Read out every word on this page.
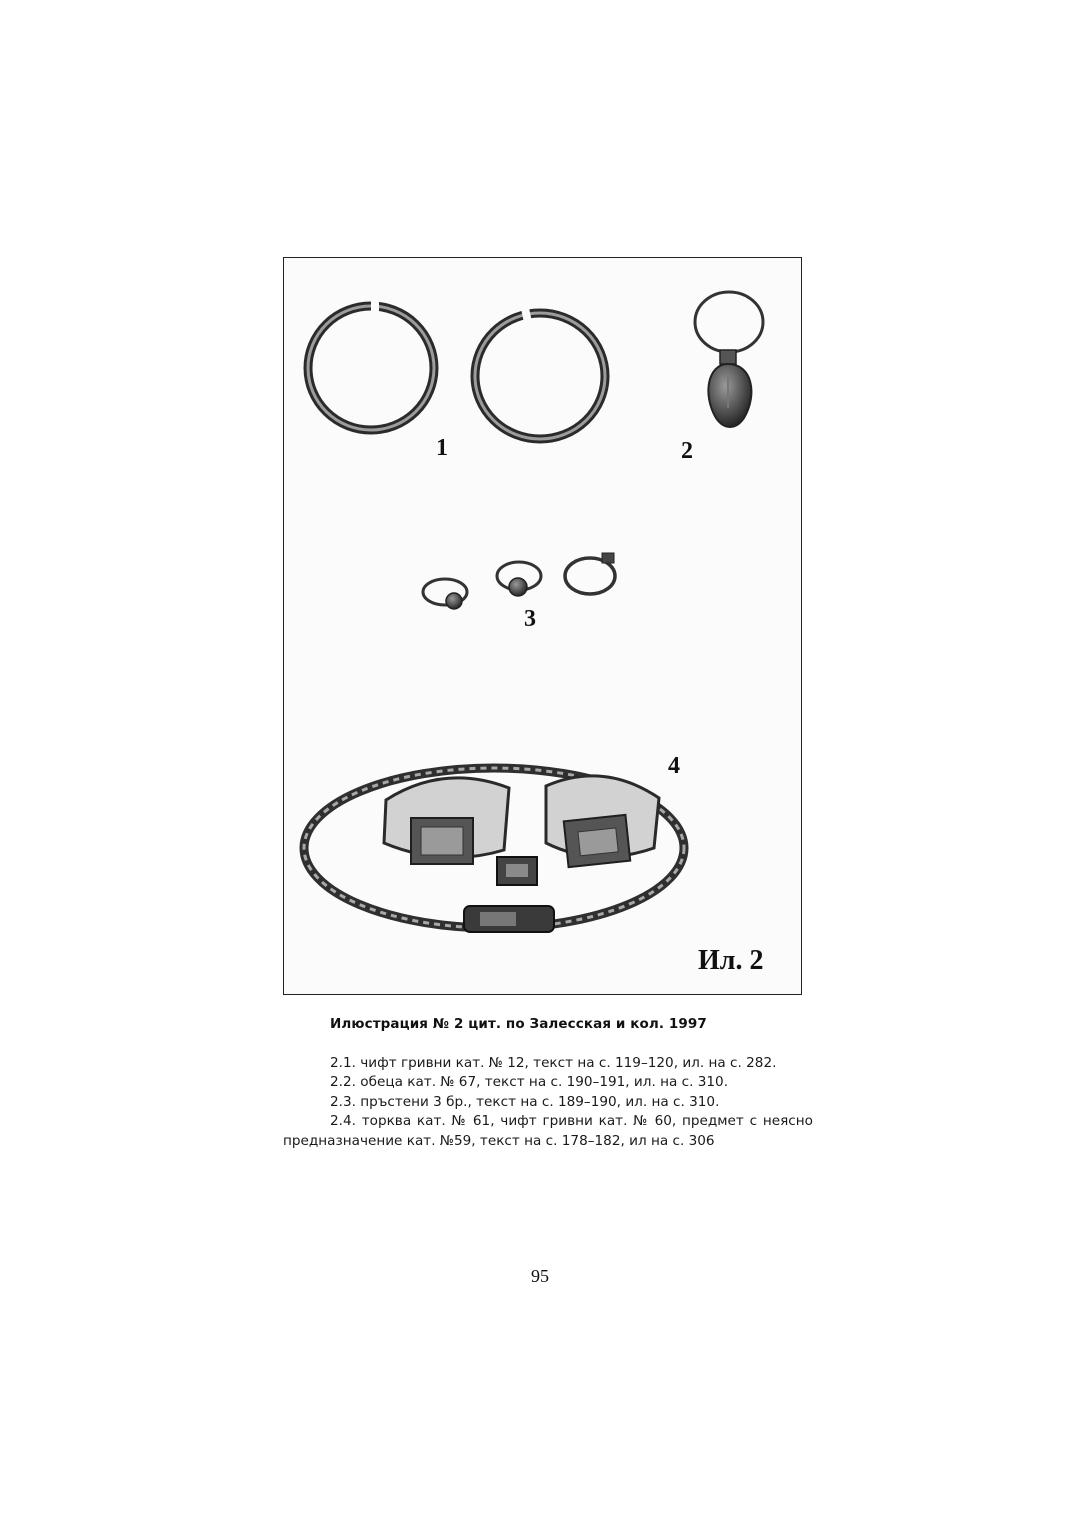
1	2
3
4
Ил. 2
Илюстрация № 2 цит. по Залесская и кол. 1997
2.1. чифт гривни кат. № 12, текст на с. 119–120, ил. на с. 282.
2.2. обеца кат. № 67, текст на с. 190–191, ил. на с. 310.
2.3. пръстени 3 бр., текст на с. 189–190, ил. на с. 310.
2.4. торква кат. № 61, чифт гривни кат. № 60, предмет с неясно предназначение кат. №59, текст на с. 178–182, ил на с. 306
95
